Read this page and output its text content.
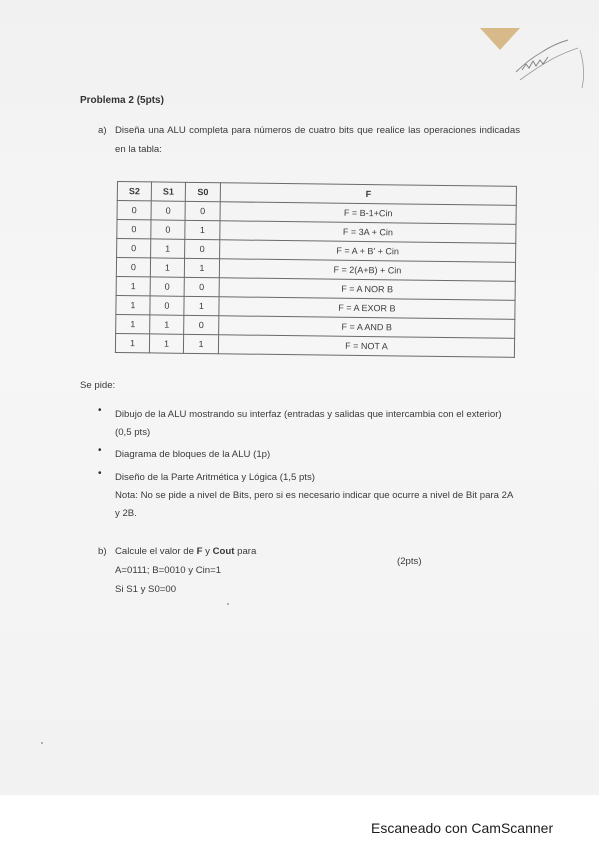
Problema 2 (5pts)
a) Diseña una ALU completa para números de cuatro bits que realice las operaciones indicadas en la tabla:
S2	S1	S0	F
0	0	0	F = B-1+Cin
0	0	1	F = 3A + Cin
0	1	0	F = A + B' + Cin
0	1	1	F = 2(A+B) + Cin
1	0	0	F = A NOR B
1	0	1	F = A EXOR B
1	1	0	F = A AND B
1	1	1	F = NOT A
Se pide:
• Dibujo de la ALU mostrando su interfaz (entradas y salidas que intercambia con el exterior) (0,5 pts)
• Diagrama de bloques de la ALU (1p)
• Diseño de la Parte Aritmética y Lógica (1,5 pts)
Nota: No se pide a nivel de Bits, pero si es necesario indicar que ocurre a nivel de Bit para 2A y 2B.
b) Calcule el valor de F y Cout para
A=0111; B=0010 y Cin=1
Si S1 y S0=00
(2pts)
Escaneado con CamScanner
